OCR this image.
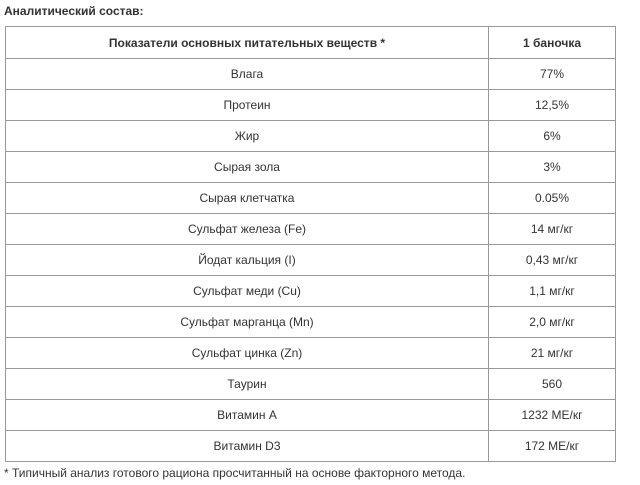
Аналитический состав:
Показатели основных питательных веществ *	1 баночка
Влага	77%
Протеин	12,5%
Жир	6%
Сырая зола	3%
Сырая клетчатка	0.05%
Сульфат железа (Fe)	14 мг/кг
Йодат кальция (I)	0,43 мг/кг
Сульфат меди (Cu)	1,1 мг/кг
Сульфат марганца (Mn)	2,0 мг/кг
Сульфат цинка (Zn)	21 мг/кг
Таурин	560
Витамин A	1232 МЕ/кг
Витамин D3	172 МЕ/кг
* Типичный анализ готового рациона просчитанный на основе факторного метода.
